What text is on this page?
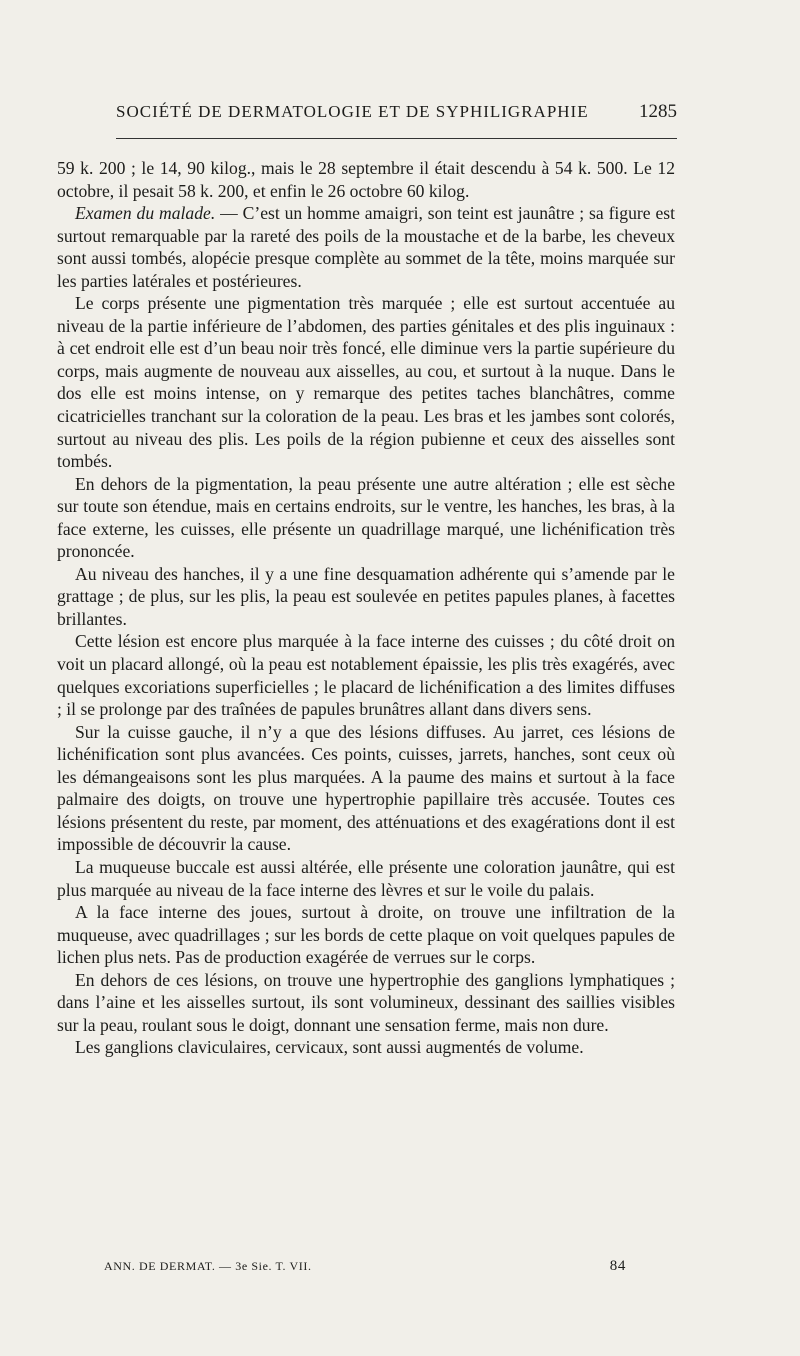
SOCIÉTÉ DE DERMATOLOGIE ET DE SYPHILIGRAPHIE	1285

59 k. 200 ; le 14, 90 kilog., mais le 28 septembre il était descendu à 54 k. 500. Le 12 octobre, il pesait 58 k. 200, et enfin le 26 octobre 60 kilog.

Examen du malade. — C’est un homme amaigri, son teint est jaunâtre ; sa figure est surtout remarquable par la rareté des poils de la moustache et de la barbe, les cheveux sont aussi tombés, alopécie presque complète au sommet de la tête, moins marquée sur les parties latérales et postérieures.

Le corps présente une pigmentation très marquée ; elle est surtout accentuée au niveau de la partie inférieure de l’abdomen, des parties génitales et des plis inguinaux : à cet endroit elle est d’un beau noir très foncé, elle diminue vers la partie supérieure du corps, mais augmente de nouveau aux aisselles, au cou, et surtout à la nuque. Dans le dos elle est moins intense, on y remarque des petites taches blanchâtres, comme cicatricielles tranchant sur la coloration de la peau. Les bras et les jambes sont colorés, surtout au niveau des plis. Les poils de la région pubienne et ceux des aisselles sont tombés.

En dehors de la pigmentation, la peau présente une autre altération ; elle est sèche sur toute son étendue, mais en certains endroits, sur le ventre, les hanches, les bras, à la face externe, les cuisses, elle présente un quadrillage marqué, une lichénification très prononcée.

Au niveau des hanches, il y a une fine desquamation adhérente qui s’amende par le grattage ; de plus, sur les plis, la peau est soulevée en petites papules planes, à facettes brillantes.

Cette lésion est encore plus marquée à la face interne des cuisses ; du côté droit on voit un placard allongé, où la peau est notablement épaissie, les plis très exagérés, avec quelques excoriations superficielles ; le placard de lichénification a des limites diffuses ; il se prolonge par des traînées de papules brunâtres allant dans divers sens.

Sur la cuisse gauche, il n’y a que des lésions diffuses. Au jarret, ces lésions de lichénification sont plus avancées. Ces points, cuisses, jarrets, hanches, sont ceux où les démangeaisons sont les plus marquées. A la paume des mains et surtout à la face palmaire des doigts, on trouve une hypertrophie papillaire très accusée. Toutes ces lésions présentent du reste, par moment, des atténuations et des exagérations dont il est impossible de découvrir la cause.

La muqueuse buccale est aussi altérée, elle présente une coloration jaunâtre, qui est plus marquée au niveau de la face interne des lèvres et sur le voile du palais.

A la face interne des joues, surtout à droite, on trouve une infiltration de la muqueuse, avec quadrillages ; sur les bords de cette plaque on voit quelques papules de lichen plus nets. Pas de production exagérée de verrues sur le corps.

En dehors de ces lésions, on trouve une hypertrophie des ganglions lymphatiques ; dans l’aine et les aisselles surtout, ils sont volumineux, dessinant des saillies visibles sur la peau, roulant sous le doigt, donnant une sensation ferme, mais non dure.

Les ganglions claviculaires, cervicaux, sont aussi augmentés de volume.

ANN. DE DERMAT. — 3e Sie. T. VII.	84
